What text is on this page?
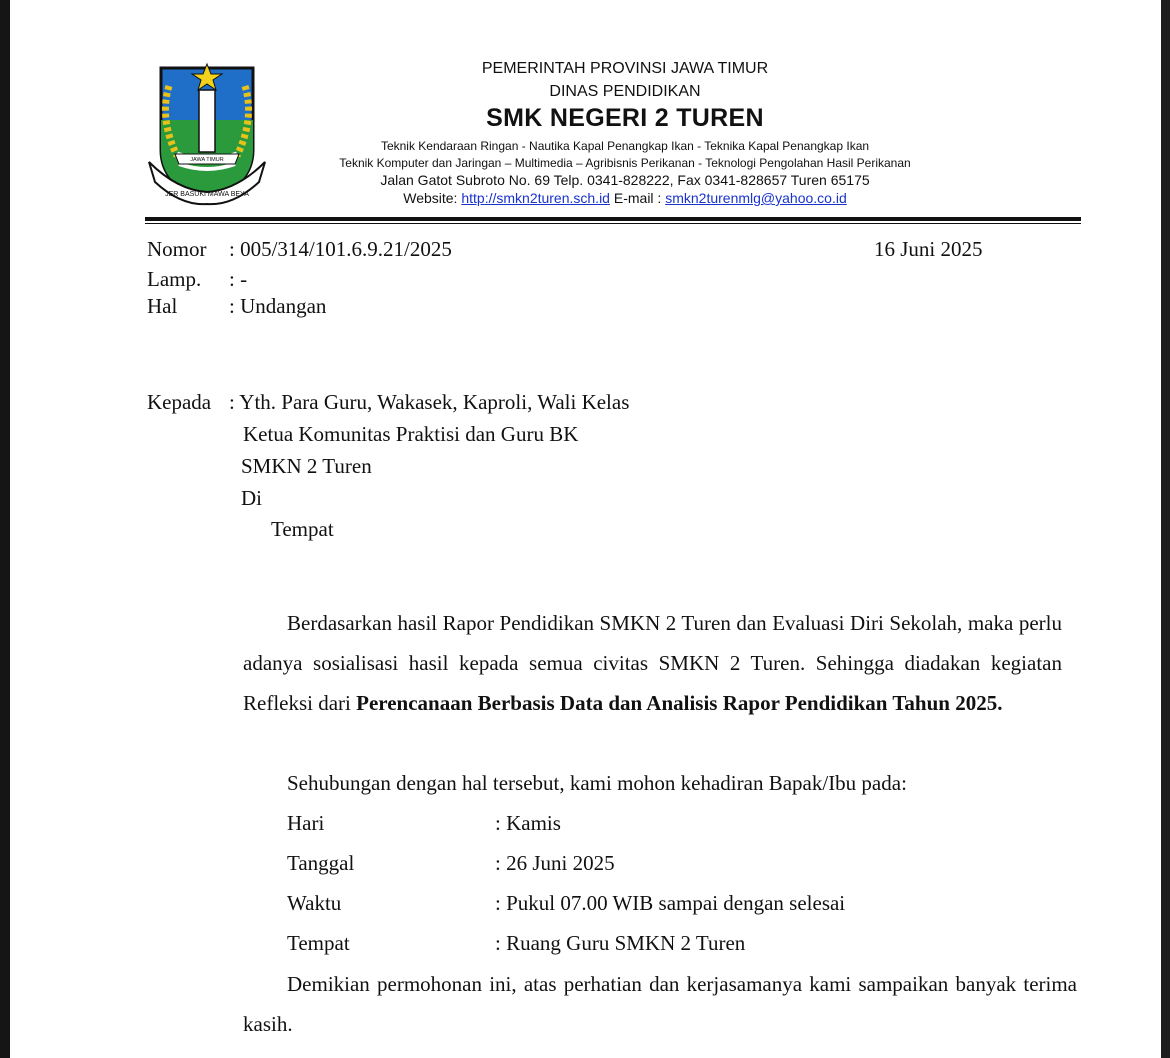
JER BASUKI MAWA BEYA
JAWA TIMUR
PEMERINTAH PROVINSI JAWA TIMUR
DINAS PENDIDIKAN
SMK NEGERI 2 TUREN
Teknik Kendaraan Ringan - Nautika Kapal Penangkap Ikan - Teknika Kapal Penangkap Ikan
Teknik Komputer dan Jaringan – Multimedia – Agribisnis Perikanan - Teknologi Pengolahan Hasil Perikanan
Jalan Gatot Subroto No. 69 Telp. 0341-828222, Fax 0341-828657 Turen 65175
Website: http://smkn2turen.sch.id E-mail : smkn2turenmlg@yahoo.co.id
Nomor : 005/314/101.6.9.21/2025	16 Juni 2025
Lamp. : -
Hal : Undangan
Kepada : Yth. Para Guru, Wakasek, Kaproli, Wali Kelas
Ketua Komunitas Praktisi dan Guru BK
SMKN 2 Turen
Di
Tempat

Berdasarkan hasil Rapor Pendidikan SMKN 2 Turen dan Evaluasi Diri Sekolah, maka perlu adanya sosialisasi hasil kepada semua civitas SMKN 2 Turen. Sehingga diadakan kegiatan Refleksi dari Perencanaan Berbasis Data dan Analisis Rapor Pendidikan Tahun 2025.

Sehubungan dengan hal tersebut, kami mohon kehadiran Bapak/Ibu pada:
Hari	: Kamis
Tanggal	: 26 Juni 2025
Waktu	: Pukul 07.00 WIB sampai dengan selesai
Tempat	: Ruang Guru SMKN 2 Turen

Demikian permohonan ini, atas perhatian dan kerjasamanya kami sampaikan banyak terima kasih.
